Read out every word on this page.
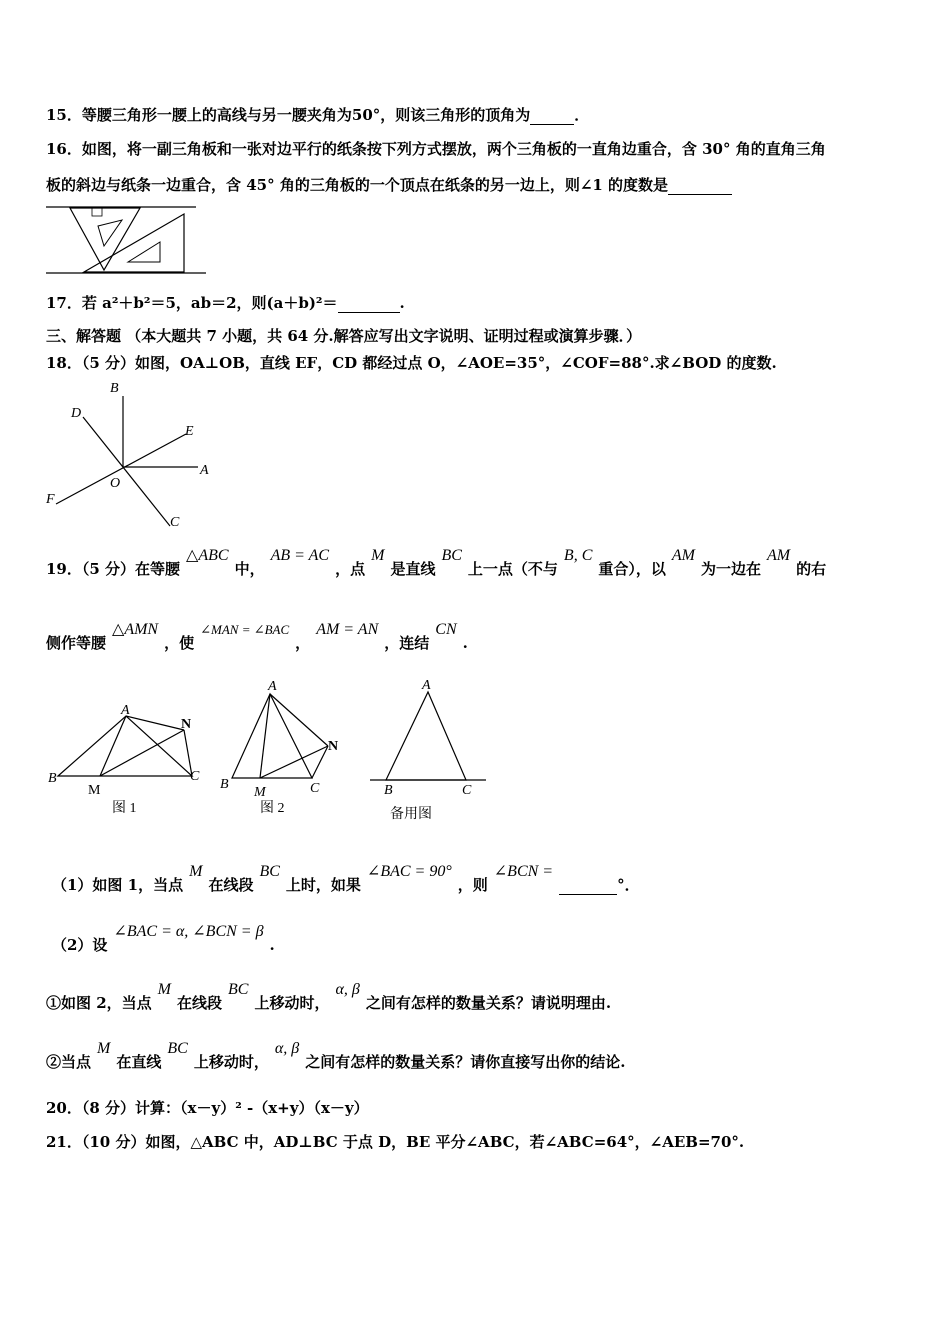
15．等腰三角形一腰上的高线与另一腰夹角为50°，则该三角形的顶角为	．
16．如图，将一副三角板和一张对边平行的纸条按下列方式摆放，两个三角板的一直角边重合，含 30° 角的直角三角
板的斜边与纸条一边重合，含 45° 角的三角板的一个顶点在纸条的另一边上，则∠1 的度数是
17．若 a²＋b²＝5，ab＝2，则(a＋b)²＝	.
三、解答题 （本大题共 7 小题，共 64 分.解答应写出文字说明、证明过程或演算步骤．）
18．（5 分）如图，OA⊥OB，直线 EF，CD 都经过点 O，∠AOE=35°，∠COF=88°.求∠BOD 的度数.
B
D
E
A
O
F
C
19．（5 分）在等腰△ABC中，AB = AC，点M是直线BC上一点（不与B, C重合），以AM为一边在AM的右
侧作等腰△AMN，使∠MAN = ∠BAC，AM = AN，连结CN.
A
N
B
M
C
图 1
A
N
B
M	C
图 2
A
B	C
备用图
（1）如图 1，当点M在线段BC上时，如果∠BAC = 90°，则∠BCN = °．
（2）设∠BAC = α, ∠BCN = β.
①如图 2，当点M在线段BC上移动时，α, β之间有怎样的数量关系？请说明理由.
②当点M在直线BC上移动时，α, β之间有怎样的数量关系？请你直接写出你的结论.
20．（8 分）计算：（x－y）² -（x+y）（x－y）
21．（10 分）如图，△ABC 中，AD⊥BC 于点 D，BE 平分∠ABC，若∠ABC=64°，∠AEB=70°.
